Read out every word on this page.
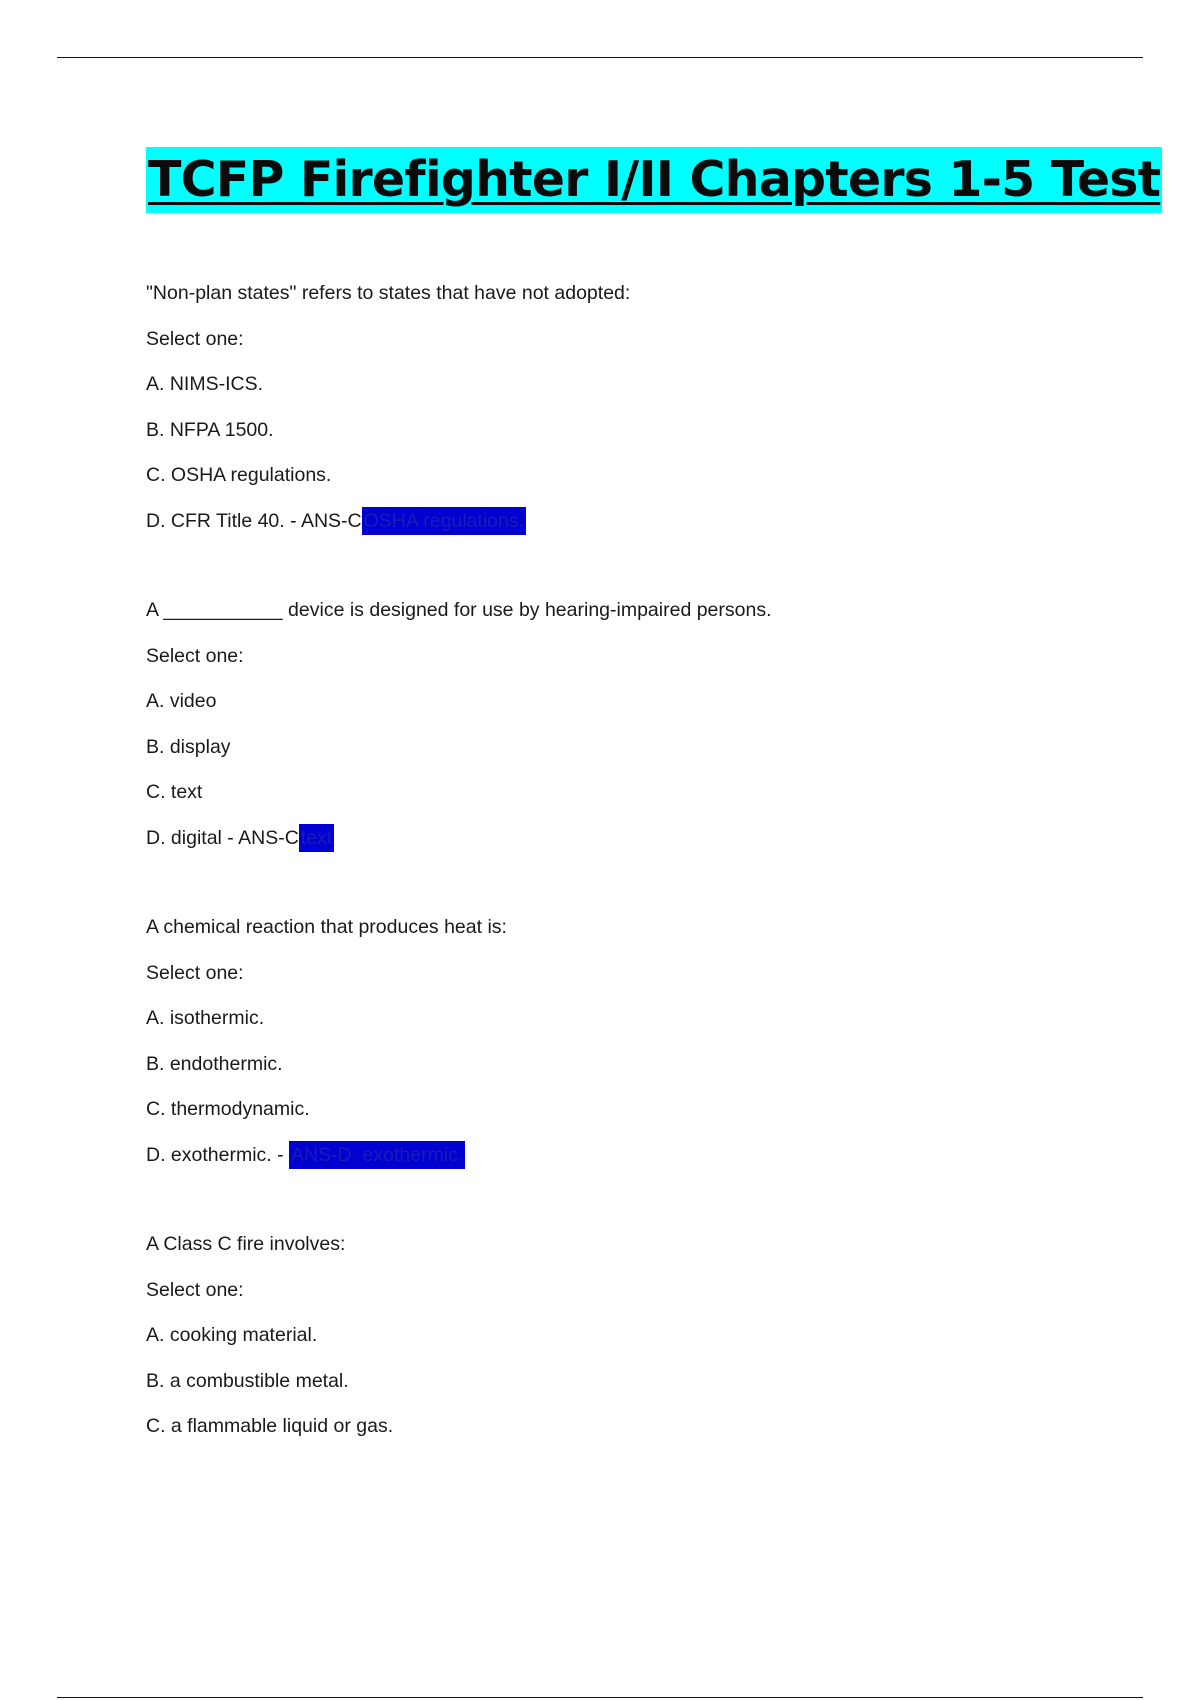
TCFP Firefighter I/II Chapters 1-5 Test
"Non-plan states" refers to states that have not adopted:
Select one:
A. NIMS-ICS.
B. NFPA 1500.
C. OSHA regulations.
D. CFR Title 40. - ANS-C OSHA regulations.
A ___________ device is designed for use by hearing-impaired persons.
Select one:
A. video
B. display
C. text
D. digital - ANS-C text
A chemical reaction that produces heat is:
Select one:
A. isothermic.
B. endothermic.
C. thermodynamic.
D. exothermic. - ANS-D. exothermic.
A Class C fire involves:
Select one:
A. cooking material.
B. a combustible metal.
C. a flammable liquid or gas.
